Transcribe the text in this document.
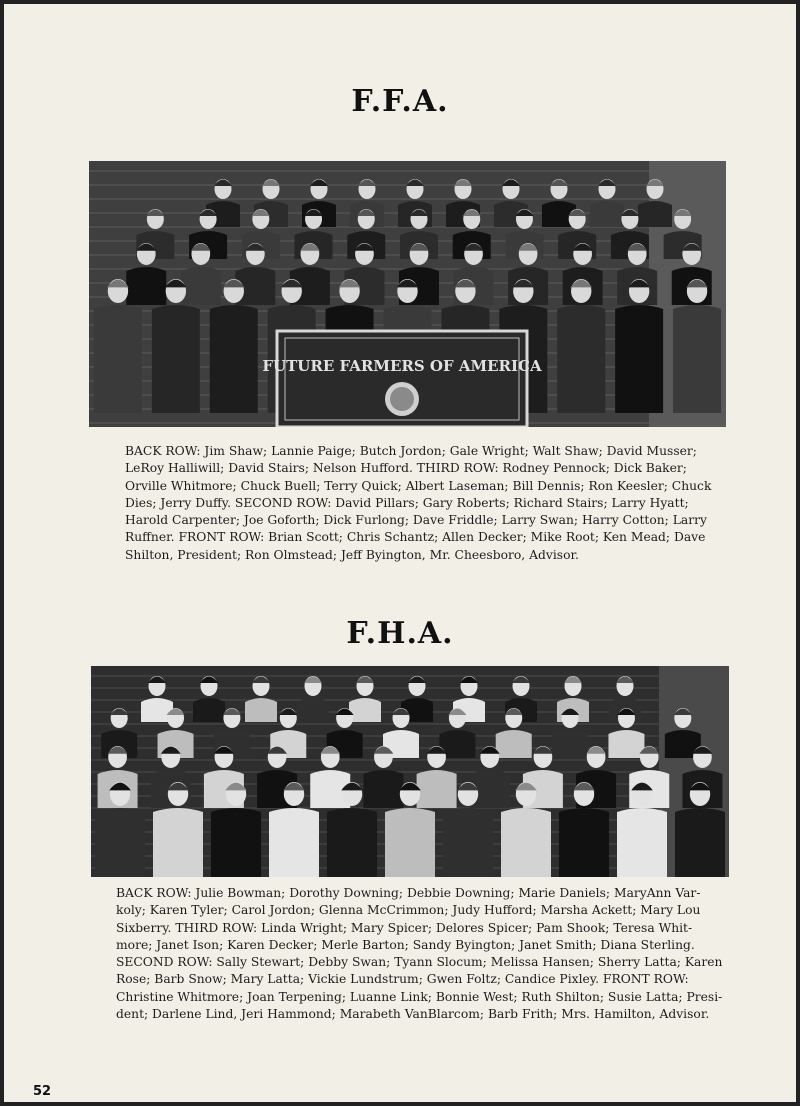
F.F.A.
FUTURE FARMERS OF AMERICA

BACK ROW: Jim Shaw; Lannie Paige; Butch Jordon; Gale Wright; Walt Shaw; David Musser;
LeRoy Halliwill; David Stairs; Nelson Hufford. THIRD ROW: Rodney Pennock; Dick Baker;
Orville Whitmore; Chuck Buell; Terry Quick; Albert Laseman; Bill Dennis; Ron Keesler; Chuck
Dies; Jerry Duffy. SECOND ROW: David Pillars; Gary Roberts; Richard Stairs; Larry Hyatt;
Harold Carpenter; Joe Goforth; Dick Furlong; Dave Friddle; Larry Swan; Harry Cotton; Larry
Ruffner. FRONT ROW: Brian Scott; Chris Schantz; Allen Decker; Mike Root; Ken Mead; Dave
Shilton, President; Ron Olmstead; Jeff Byington, Mr. Cheesboro, Advisor.

F.H.A.

BACK ROW: Julie Bowman; Dorothy Downing; Debbie Downing; Marie Daniels; MaryAnn Var-
koly; Karen Tyler; Carol Jordon; Glenna McCrimmon; Judy Hufford; Marsha Ackett; Mary Lou
Sixberry. THIRD ROW: Linda Wright; Mary Spicer; Delores Spicer; Pam Shook; Teresa Whit-
more; Janet Ison; Karen Decker; Merle Barton; Sandy Byington; Janet Smith; Diana Sterling.
SECOND ROW: Sally Stewart; Debby Swan; Tyann Slocum; Melissa Hansen; Sherry Latta; Karen
Rose; Barb Snow; Mary Latta; Vickie Lundstrum; Gwen Foltz; Candice Pixley. FRONT ROW:
Christine Whitmore; Joan Terpening; Luanne Link; Bonnie West; Ruth Shilton; Susie Latta; Presi-
dent; Darlene Lind, Jeri Hammond; Marabeth VanBlarcom; Barb Frith; Mrs. Hamilton, Advisor.

52
